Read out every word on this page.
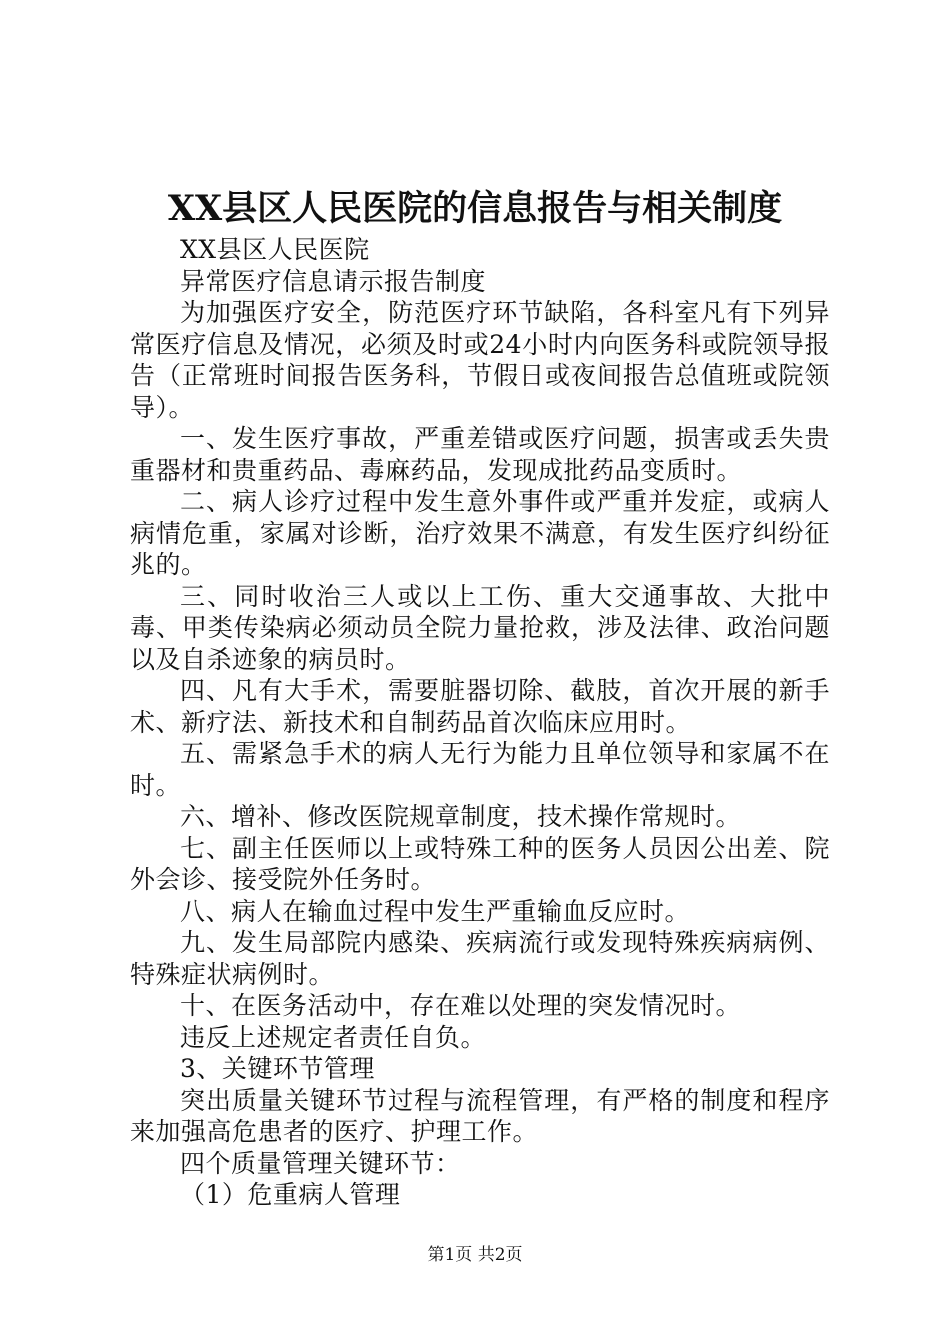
XX县区人民医院的信息报告与相关制度

XX县区人民医院

异常医疗信息请示报告制度

为加强医疗安全，防范医疗环节缺陷，各科室凡有下列异常医疗信息及情况，必须及时或24小时内向医务科或院领导报告（正常班时间报告医务科，节假日或夜间报告总值班或院领导）。

一、发生医疗事故，严重差错或医疗问题，损害或丢失贵重器材和贵重药品、毒麻药品，发现成批药品变质时。

二、病人诊疗过程中发生意外事件或严重并发症，或病人病情危重，家属对诊断，治疗效果不满意，有发生医疗纠纷征兆的。

三、同时收治三人或以上工伤、重大交通事故、大批中毒、甲类传染病必须动员全院力量抢救，涉及法律、政治问题以及自杀迹象的病员时。

四、凡有大手术，需要脏器切除、截肢，首次开展的新手术、新疗法、新技术和自制药品首次临床应用时。

五、需紧急手术的病人无行为能力且单位领导和家属不在时。

六、增补、修改医院规章制度，技术操作常规时。

七、副主任医师以上或特殊工种的医务人员因公出差、院外会诊、接受院外任务时。

八、病人在输血过程中发生严重输血反应时。

九、发生局部院内感染、疾病流行或发现特殊疾病病例、特殊症状病例时。

十、在医务活动中，存在难以处理的突发情况时。

违反上述规定者责任自负。

3、关键环节管理

突出质量关键环节过程与流程管理，有严格的制度和程序来加强高危患者的医疗、护理工作。

四个质量管理关键环节：

（1）危重病人管理

第1页 共2页
